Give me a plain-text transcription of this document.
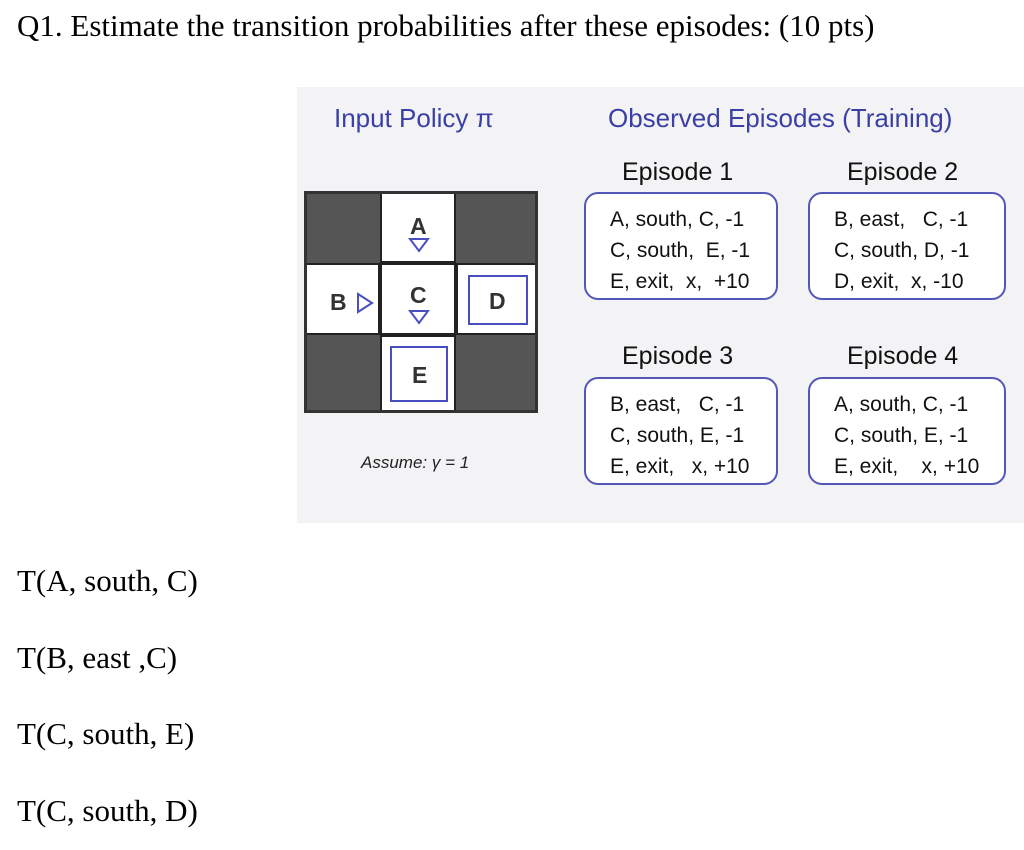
Q1. Estimate the transition probabilities after these episodes: (10 pts)
Input Policy π	Observed Episodes (Training)
A
B	C	D
E
Assume: γ = 1
Episode 1
A, south, C, -1
C, south,  E, -1
E, exit,  x,  +10
Episode 2
B, east,   C, -1
C, south, D, -1
D, exit,  x, -10
Episode 3
B, east,   C, -1
C, south, E, -1
E, exit,   x, +10
Episode 4
A, south, C, -1
C, south, E, -1
E, exit,    x, +10
T(A, south, C)
T(B, east ,C)
T(C, south, E)
T(C, south, D)
